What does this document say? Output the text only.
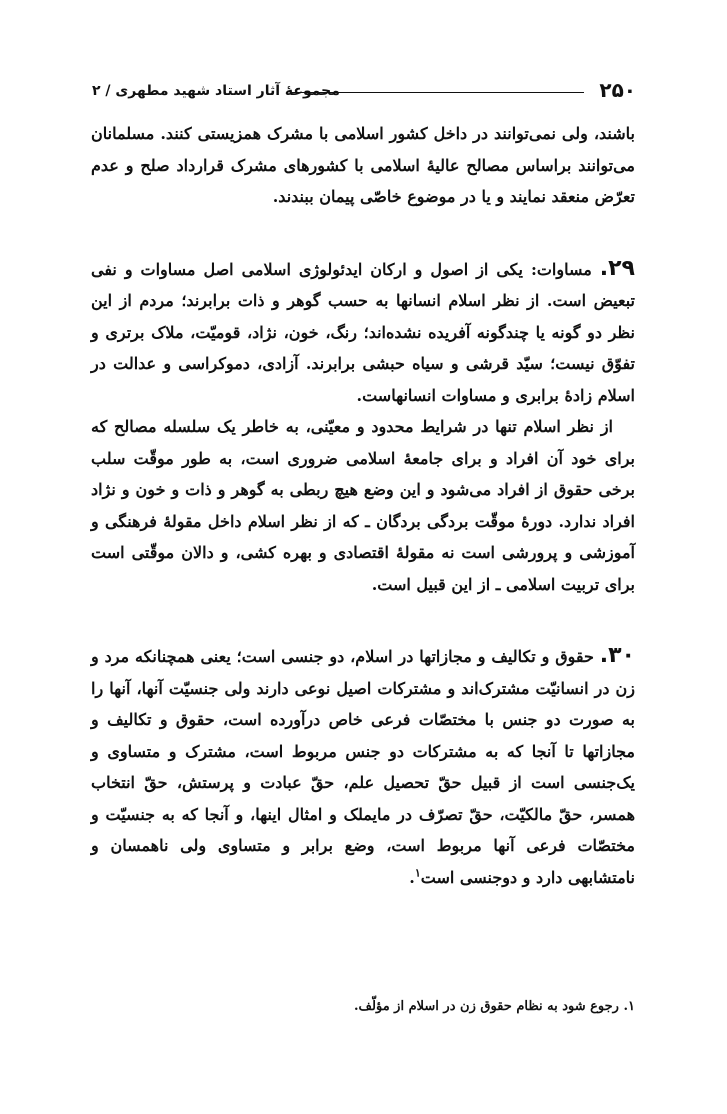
۲۵۰
مجموعهٔ آثار استاد شهید مطهری / ۲

باشند، ولی نمی‌توانند در داخل کشور اسلامی با مشرک همزیستی کنند. مسلمانان می‌توانند براساس مصالح عالیهٔ اسلامی با کشورهای مشرک قرارداد صلح و عدم تعرّض منعقد نمایند و یا در موضوع خاصّی پیمان ببندند.

۲۹. مساوات: یکی از اصول و ارکان ایدئولوژی اسلامی اصل مساوات و نفی تبعیض است. از نظر اسلام انسانها به حسب گوهر و ذات برابرند؛ مردم از این نظر دو گونه یا چندگونه آفریده نشده‌اند؛ رنگ، خون، نژاد، قومیّت، ملاک برتری و تفوّق نیست؛ سیّد قرشی و سیاه حبشی برابرند. آزادی، دموکراسی و عدالت در اسلام زادهٔ برابری و مساوات انسانهاست.

از نظر اسلام تنها در شرایط محدود و معیّنی، به خاطر یک سلسله مصالح که برای خود آن افراد و برای جامعهٔ اسلامی ضروری است، به طور موقّت سلب برخی حقوق از افراد می‌شود و این وضع هیچ ربطی به گوهر و ذات و خون و نژاد افراد ندارد. دورهٔ موقّت بردگی بردگان ـ که از نظر اسلام داخل مقولهٔ فرهنگی و آموزشی و پرورشی است نه مقولهٔ اقتصادی و بهره کشی، و دالان موقّتی است برای تربیت اسلامی ـ از این قبیل است.

۳۰. حقوق و تکالیف و مجازاتها در اسلام، دو جنسی است؛ یعنی همچنانکه مرد و زن در انسانیّت مشترک‌اند و مشترکات اصیل نوعی دارند ولی جنسیّت آنها، آنها را به صورت دو جنس با مختصّات فرعی خاص درآورده است، حقوق و تکالیف و مجازاتها تا آنجا که به مشترکات دو جنس مربوط است، مشترک و متساوی و یک‌جنسی است از قبیل حقّ تحصیل علم، حقّ عبادت و پرستش، حقّ انتخاب همسر، حقّ مالکیّت، حقّ تصرّف در مایملک و امثال اینها، و آنجا که به جنسیّت و مختصّات فرعی آنها مربوط است، وضع برابر و متساوی ولی ناهمسان و نامتشابهی دارد و دوجنسی است$^۱$.

۱. رجوع شود به نظام حقوق زن در اسلام از مؤلّف.
